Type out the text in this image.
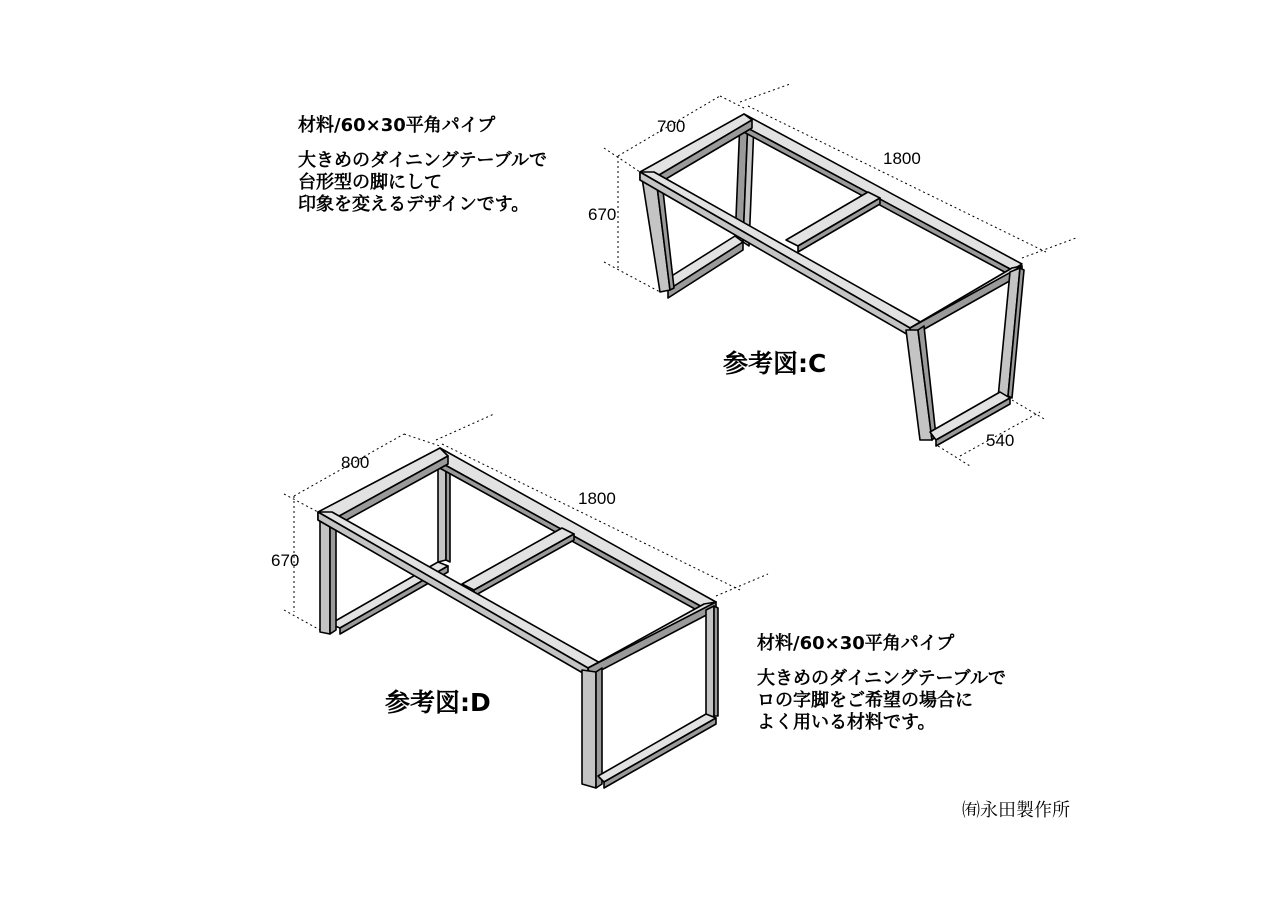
700
1800
670
540
800
1800
670
材料/60×30平角パイプ
大きめのダイニングテーブルで
台形型の脚にして
印象を変えるデザインです。
参考図:C
参考図:D
材料/60×30平角パイプ
大きめのダイニングテーブルで
ロの字脚をご希望の場合に
よく用いる材料です。
㈲永田製作所
